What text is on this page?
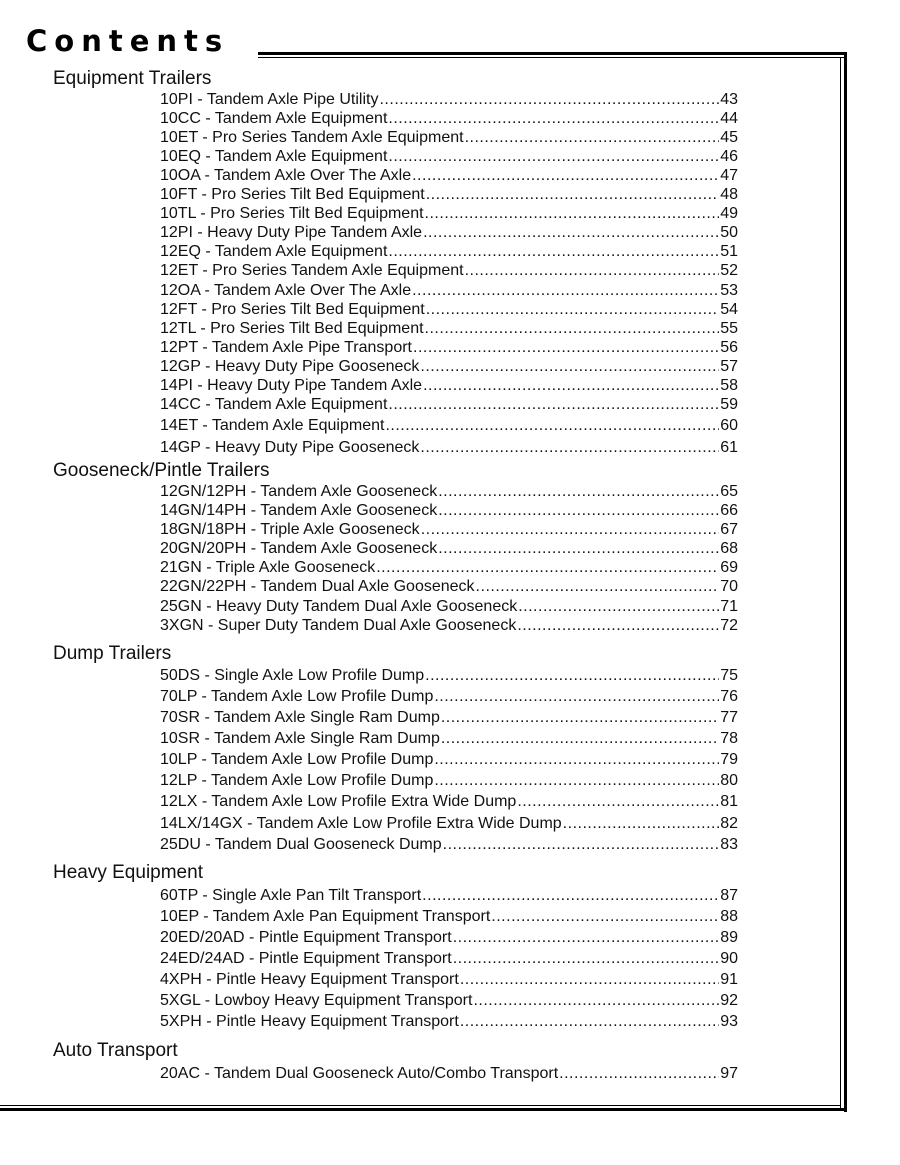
Contents
Equipment Trailers
10PI - Tandem Axle Pipe Utility .....	43
10CC - Tandem Axle Equipment .....	44
10ET - Pro Series Tandem Axle Equipment .....	45
10EQ - Tandem Axle Equipment .....	46
10OA - Tandem Axle Over The Axle .....	47
10FT - Pro Series Tilt Bed Equipment .....	48
10TL - Pro Series Tilt Bed Equipment .....	49
12PI - Heavy Duty Pipe Tandem Axle .....	50
12EQ - Tandem Axle Equipment .....	51
12ET - Pro Series Tandem Axle Equipment .....	52
12OA - Tandem Axle Over The Axle .....	53
12FT - Pro Series Tilt Bed Equipment .....	54
12TL - Pro Series Tilt Bed Equipment .....	55
12PT - Tandem Axle Pipe Transport .....	56
12GP - Heavy Duty Pipe Gooseneck .....	57
14PI - Heavy Duty Pipe Tandem Axle .....	58
14CC - Tandem Axle Equipment .....	59
14ET - Tandem Axle Equipment .....	60
14GP - Heavy Duty Pipe Gooseneck .....	61
Gooseneck/Pintle Trailers
12GN/12PH - Tandem Axle Gooseneck .....	65
14GN/14PH - Tandem Axle Gooseneck .....	66
18GN/18PH - Triple Axle Gooseneck .....	67
20GN/20PH - Tandem Axle Gooseneck .....	68
21GN - Triple Axle Gooseneck .....	69
22GN/22PH - Tandem Dual Axle Gooseneck .....	70
25GN - Heavy Duty Tandem Dual Axle Gooseneck .....	71
3XGN - Super Duty Tandem Dual Axle Gooseneck .....	72
Dump Trailers
50DS - Single Axle Low Profile Dump .....	75
70LP - Tandem Axle Low Profile Dump .....	76
70SR - Tandem Axle Single Ram Dump .....	77
10SR - Tandem Axle Single Ram Dump .....	78
10LP - Tandem Axle Low Profile Dump .....	79
12LP - Tandem Axle Low Profile Dump .....	80
12LX - Tandem Axle Low Profile Extra Wide Dump .....	81
14LX/14GX - Tandem Axle Low Profile Extra Wide Dump .....	82
25DU - Tandem Dual Gooseneck Dump .....	83
Heavy Equipment
60TP - Single Axle Pan Tilt Transport .....	87
10EP - Tandem Axle Pan Equipment Transport .....	88
20ED/20AD - Pintle Equipment Transport .....	89
24ED/24AD - Pintle Equipment Transport .....	90
4XPH - Pintle Heavy Equipment Transport .....	91
5XGL - Lowboy Heavy Equipment Transport .....	92
5XPH - Pintle Heavy Equipment Transport .....	93
Auto Transport
20AC - Tandem Dual Gooseneck Auto/Combo Transport .....	97
